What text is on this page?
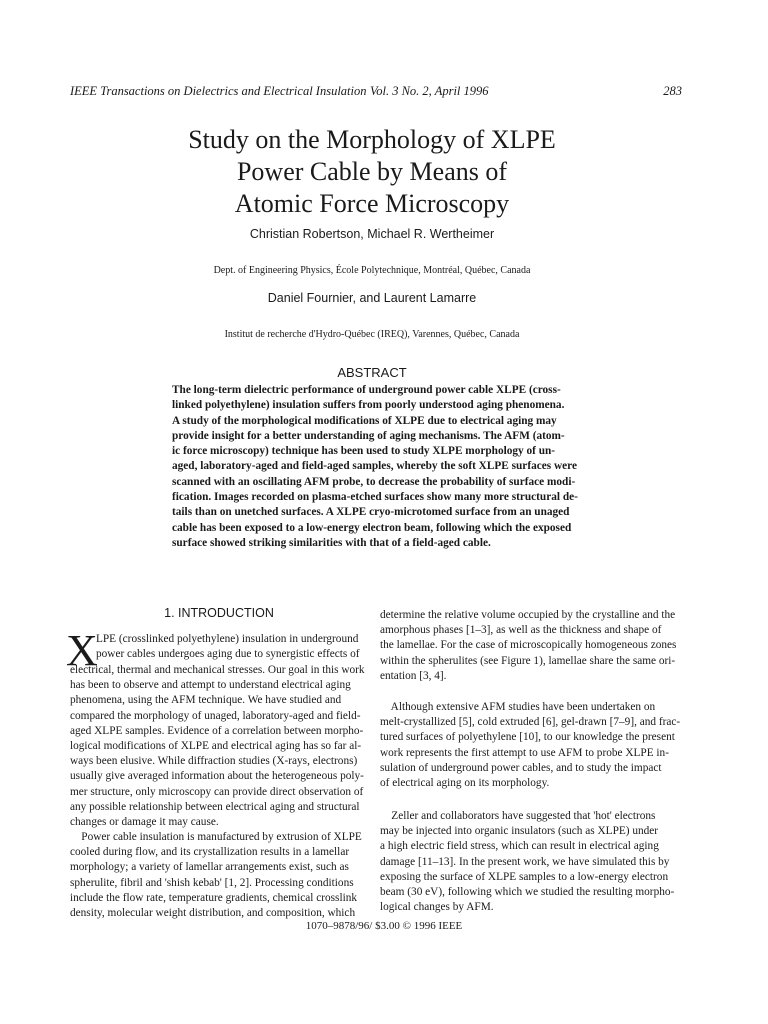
IEEE Transactions on Dielectrics and Electrical Insulation Vol. 3 No. 2, April 1996	283
Study on the Morphology of XLPE
Power Cable by Means of
Atomic Force Microscopy
Christian Robertson, Michael R. Wertheimer
Dept. of Engineering Physics, École Polytechnique, Montréal, Québec, Canada
Daniel Fournier, and Laurent Lamarre
Institut de recherche d'Hydro-Québec (IREQ), Varennes, Québec, Canada
ABSTRACT
The long-term dielectric performance of underground power cable XLPE (cross-
linked polyethylene) insulation suffers from poorly understood aging phenomena.
A study of the morphological modifications of XLPE due to electrical aging may
provide insight for a better understanding of aging mechanisms. The AFM (atom-
ic force microscopy) technique has been used to study XLPE morphology of un-
aged, laboratory-aged and field-aged samples, whereby the soft XLPE surfaces were
scanned with an oscillating AFM probe, to decrease the probability of surface modi-
fication. Images recorded on plasma-etched surfaces show many more structural de-
tails than on unetched surfaces. A XLPE cryo-microtomed surface from an unaged
cable has been exposed to a low-energy electron beam, following which the exposed
surface showed striking similarities with that of a field-aged cable.
1. INTRODUCTION
X
LPE (crosslinked polyethylene) insulation in underground
power cables undergoes aging due to synergistic effects of
electrical, thermal and mechanical stresses. Our goal in this work
has been to observe and attempt to understand electrical aging
phenomena, using the AFM technique. We have studied and
compared the morphology of unaged, laboratory-aged and field-
aged XLPE samples. Evidence of a correlation between morpho-
logical modifications of XLPE and electrical aging has so far al-
ways been elusive. While diffraction studies (X-rays, electrons)
usually give averaged information about the heterogeneous poly-
mer structure, only microscopy can provide direct observation of
any possible relationship between electrical aging and structural
changes or damage it may cause.
Power cable insulation is manufactured by extrusion of XLPE
cooled during flow, and its crystallization results in a lamellar
morphology; a variety of lamellar arrangements exist, such as
spherulite, fibril and 'shish kebab' [1, 2]. Processing conditions
include the flow rate, temperature gradients, chemical crosslink
density, molecular weight distribution, and composition, which
determine the relative volume occupied by the crystalline and the
amorphous phases [1–3], as well as the thickness and shape of
the lamellae. For the case of microscopically homogeneous zones
within the spherulites (see Figure 1), lamellae share the same ori-
entation [3, 4].
Although extensive AFM studies have been undertaken on
melt-crystallized [5], cold extruded [6], gel-drawn [7–9], and frac-
tured surfaces of polyethylene [10], to our knowledge the present
work represents the first attempt to use AFM to probe XLPE in-
sulation of underground power cables, and to study the impact
of electrical aging on its morphology.
Zeller and collaborators have suggested that 'hot' electrons
may be injected into organic insulators (such as XLPE) under
a high electric field stress, which can result in electrical aging
damage [11–13]. In the present work, we have simulated this by
exposing the surface of XLPE samples to a low-energy electron
beam (30 eV), following which we studied the resulting morpho-
logical changes by AFM.
1070–9878/96/ $3.00 © 1996 IEEE
